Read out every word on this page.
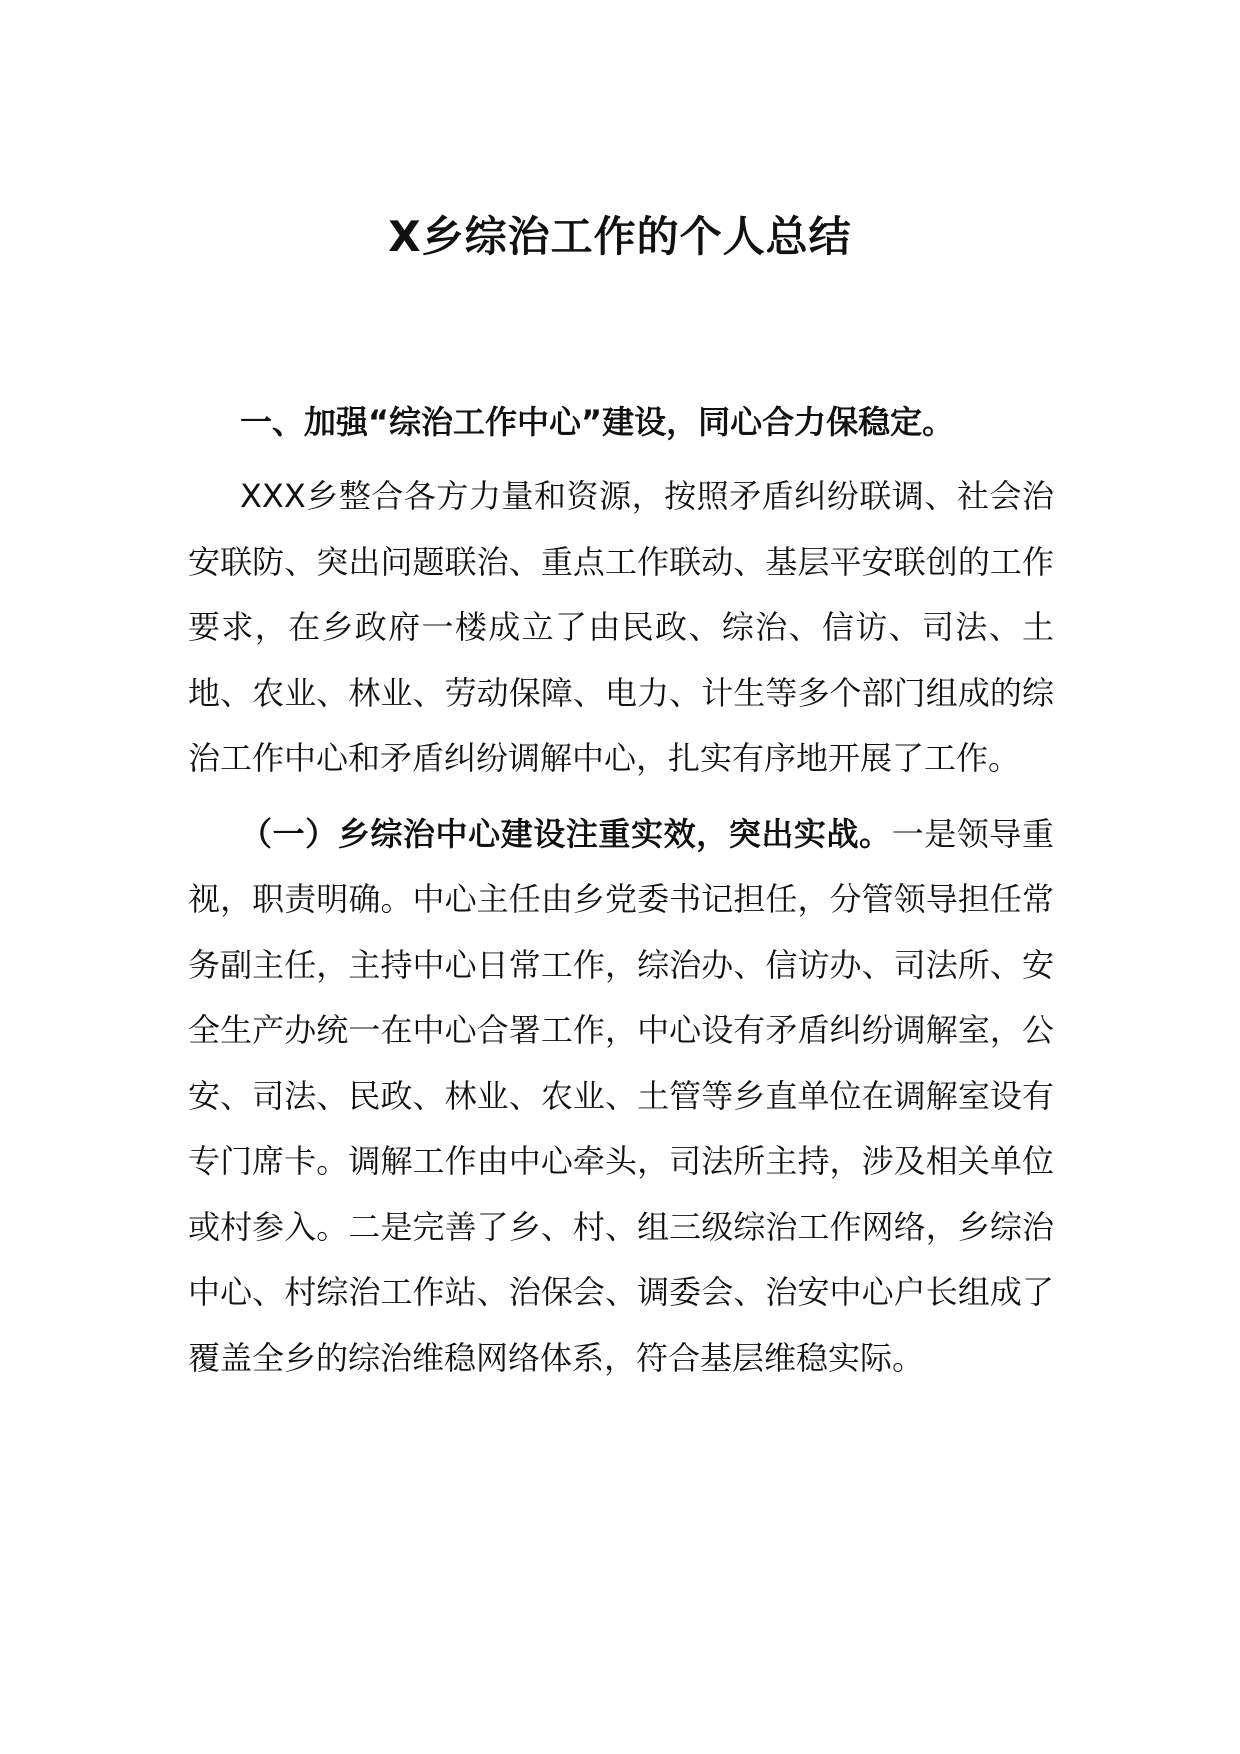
X乡综治工作的个人总结

一、加强“综治工作中心”建设，同心合力保稳定。

XXX乡整合各方力量和资源，按照矛盾纠纷联调、社会治安联防、突出问题联治、重点工作联动、基层平安联创的工作要求，在乡政府一楼成立了由民政、综治、信访、司法、土地、农业、林业、劳动保障、电力、计生等多个部门组成的综治工作中心和矛盾纠纷调解中心，扎实有序地开展了工作。

（一）乡综治中心建设注重实效，突出实战。一是领导重视，职责明确。中心主任由乡党委书记担任，分管领导担任常务副主任，主持中心日常工作，综治办、信访办、司法所、安全生产办统一在中心合署工作，中心设有矛盾纠纷调解室，公安、司法、民政、林业、农业、土管等乡直单位在调解室设有专门席卡。调解工作由中心牵头，司法所主持，涉及相关单位或村参入。二是完善了乡、村、组三级综治工作网络，乡综治中心、村综治工作站、治保会、调委会、治安中心户长组成了覆盖全乡的综治维稳网络体系，符合基层维稳实际。
